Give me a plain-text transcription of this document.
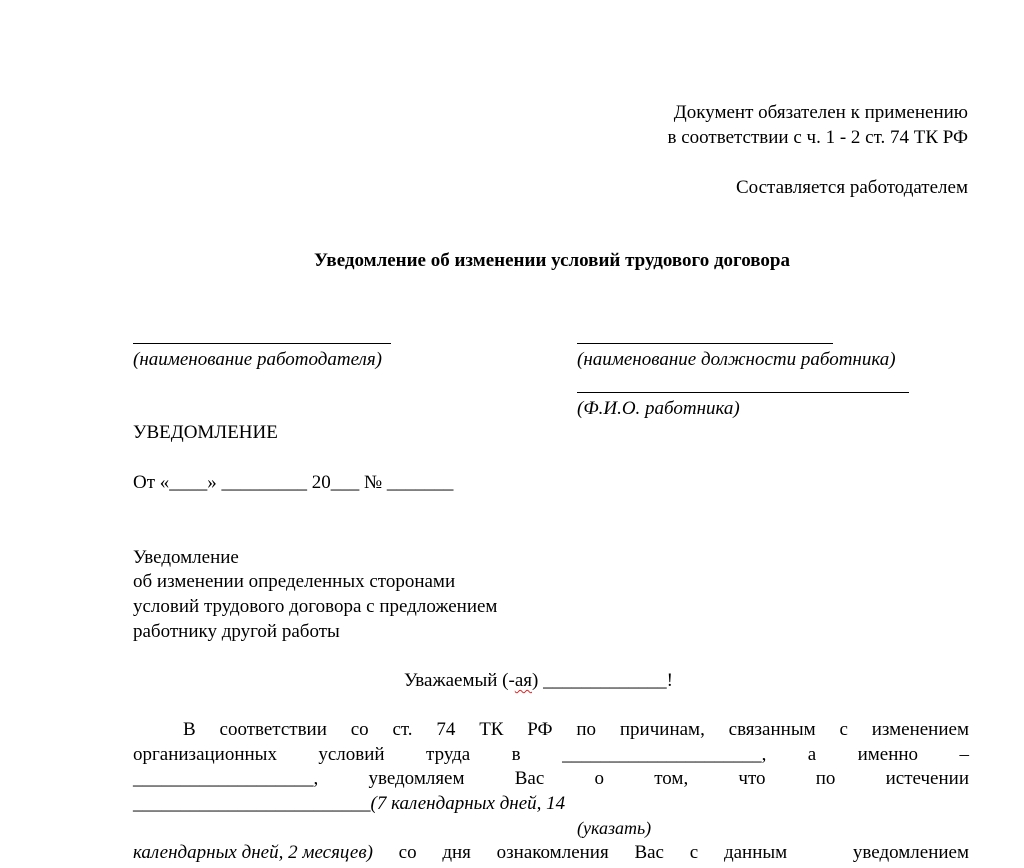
Документ обязателен к применению
в соответствии с ч. 1 - 2 ст. 74 ТК РФ
Составляется работодателем
Уведомление об изменении условий трудового договора
(наименование работодателя)
УВЕДОМЛЕНИЕ
От «____» _________ 20___ № _______
(наименование должности работника)
(Ф.И.О. работника)
Уведомление
об изменении определенных сторонами
условий трудового договора с предложением
работнику другой работы
Уважаемый (-ая) _____________!
В соответствии со ст. 74 ТК РФ по причинам, связанным с изменением
организационных условий труда в _____________________, а именно –
___________________,	уведомляем	Вас	о	том,	что	по	истечении
_________________________(7 календарных дней, 14
(указать)
календарных дней, 2 месяцев) со дня ознакомления Вас с данным	уведомлением
